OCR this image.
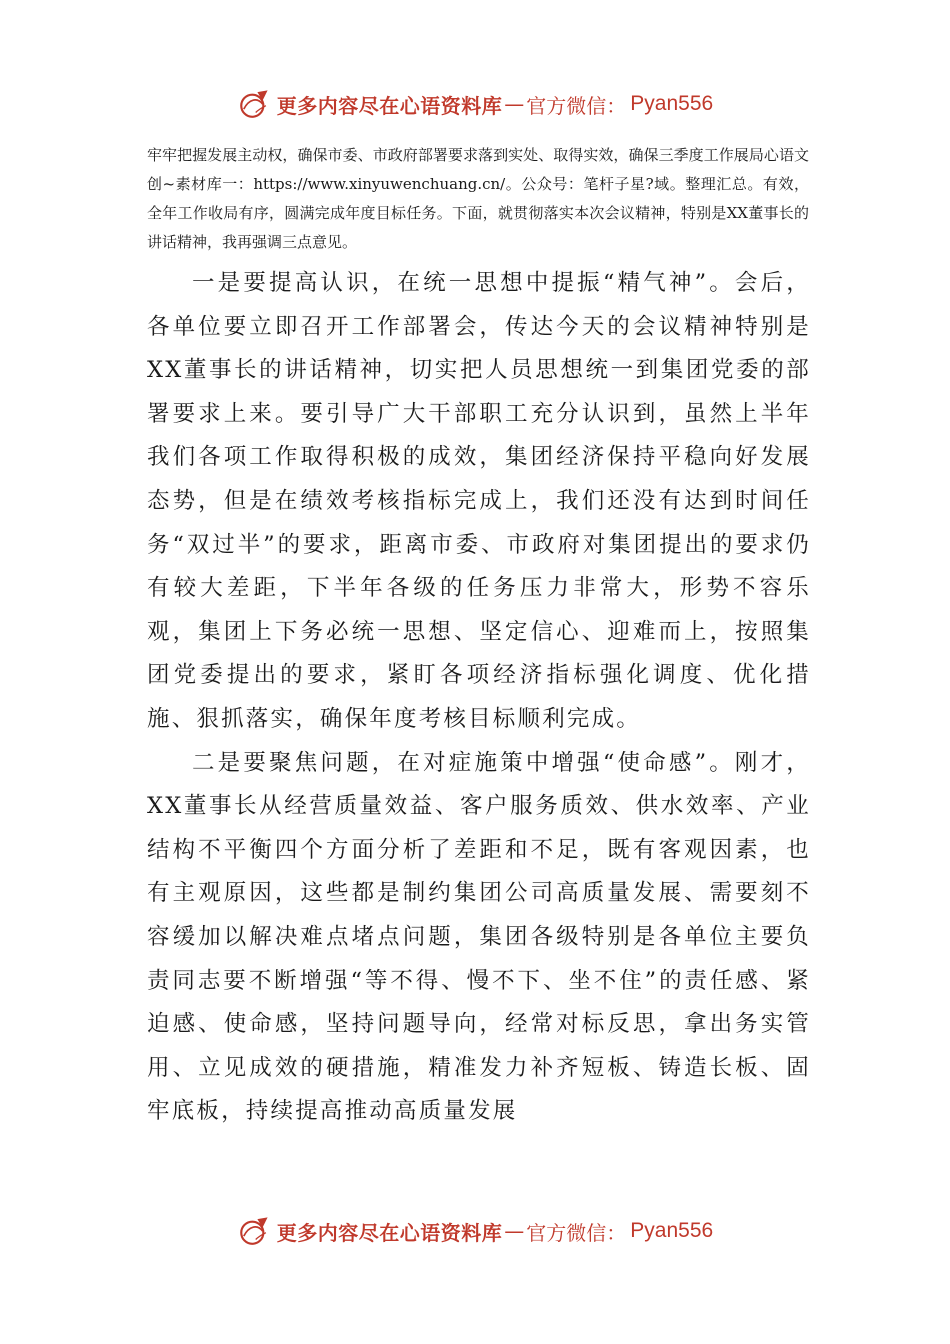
更多内容尽在心语资料库 — 官方微信： Pyan556

牢牢把握发展主动权，确保市委、市政府部署要求落到实处、取得实效，确保三季度工作展局心语文创~素材库一：https://www.xinyuwenchuang.cn/。公众号：笔杆子星?域。整理汇总。有效，全年工作收局有序，圆满完成年度目标任务。下面，就贯彻落实本次会议精神，特别是XX董事长的讲话精神，我再强调三点意见。

一是要提高认识，在统一思想中提振“精气神”。会后，各单位要立即召开工作部署会，传达今天的会议精神特别是XX董事长的讲话精神，切实把人员思想统一到集团党委的部署要求上来。要引导广大干部职工充分认识到，虽然上半年我们各项工作取得积极的成效，集团经济保持平稳向好发展态势，但是在绩效考核指标完成上，我们还没有达到时间任务“双过半”的要求，距离市委、市政府对集团提出的要求仍有较大差距，下半年各级的任务压力非常大，形势不容乐观，集团上下务必统一思想、坚定信心、迎难而上，按照集团党委提出的要求，紧盯各项经济指标强化调度、优化措施、狠抓落实，确保年度考核目标顺利完成。

二是要聚焦问题，在对症施策中增强“使命感”。刚才，XX董事长从经营质量效益、客户服务质效、供水效率、产业结构不平衡四个方面分析了差距和不足，既有客观因素，也有主观原因，这些都是制约集团公司高质量发展、需要刻不容缓加以解决难点堵点问题，集团各级特别是各单位主要负责同志要不断增强“等不得、慢不下、坐不住”的责任感、紧迫感、使命感，坚持问题导向，经常对标反思，拿出务实管用、立见成效的硬措施，精准发力补齐短板、铸造长板、固牢底板，持续提高推动高质量发展

更多内容尽在心语资料库 — 官方微信： Pyan556
